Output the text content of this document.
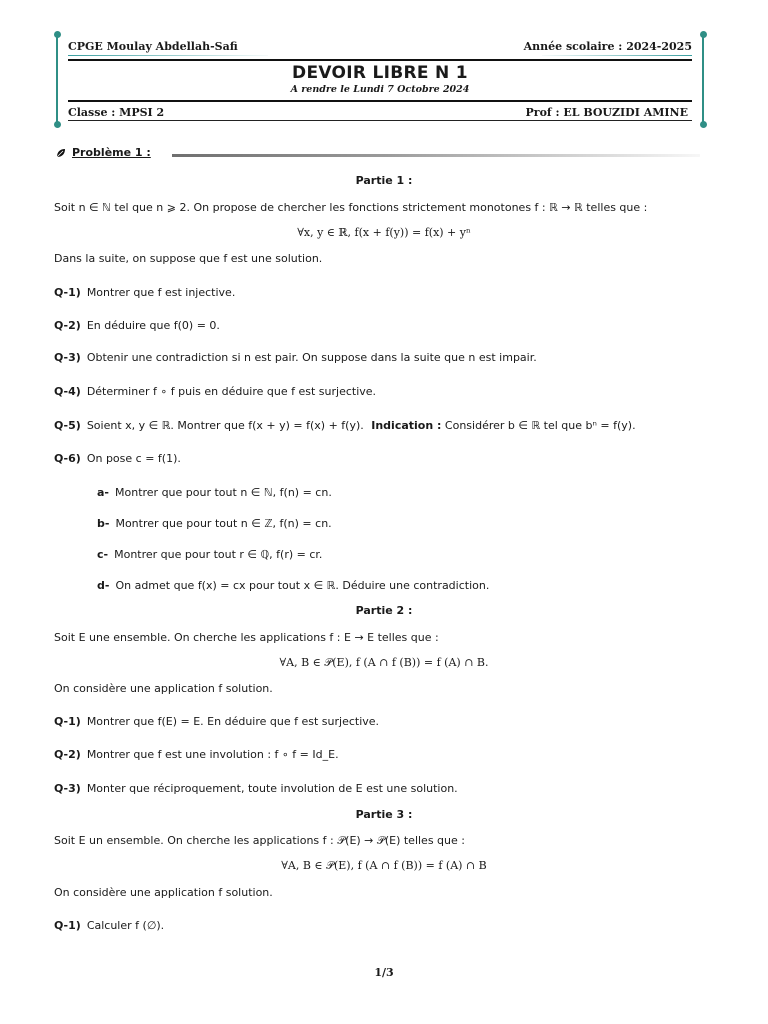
CPGE Moulay Abdellah-Safi	Année scolaire : 2024-2025
DEVOIR LIBRE N 1
A rendre le Lundi 7 Octobre 2024
Classe : MPSI 2	Prof : EL BOUZIDI AMINE
Problème 1 :
Partie 1 :
Soit n ∈ ℕ tel que n ⩾ 2. On propose de chercher les fonctions strictement monotones f : ℝ → ℝ telles que :
∀x, y ∈ ℝ, f(x + f(y)) = f(x) + yⁿ
Dans la suite, on suppose que f est une solution.
Q-1) Montrer que f est injective.
Q-2) En déduire que f(0) = 0.
Q-3) Obtenir une contradiction si n est pair. On suppose dans la suite que n est impair.
Q-4) Déterminer f ∘ f puis en déduire que f est surjective.
Q-5) Soient x, y ∈ ℝ. Montrer que f(x + y) = f(x) + f(y). Indication : Considérer b ∈ ℝ tel que bⁿ = f(y).
Q-6) On pose c = f(1).
a- Montrer que pour tout n ∈ ℕ, f(n) = cn.
b- Montrer que pour tout n ∈ ℤ, f(n) = cn.
c- Montrer que pour tout r ∈ ℚ, f(r) = cr.
d- On admet que f(x) = cx pour tout x ∈ ℝ. Déduire une contradiction.
Partie 2 :
Soit E une ensemble. On cherche les applications f : E → E telles que :
∀A, B ∈ 𝒫(E), f (A ∩ f (B)) = f (A) ∩ B.
On considère une application f solution.
Q-1) Montrer que f(E) = E. En déduire que f est surjective.
Q-2) Montrer que f est une involution : f ∘ f = Id_E.
Q-3) Monter que réciproquement, toute involution de E est une solution.
Partie 3 :
Soit E un ensemble. On cherche les applications f : 𝒫(E) → 𝒫(E) telles que :
∀A, B ∈ 𝒫(E), f (A ∩ f (B)) = f (A) ∩ B
On considère une application f solution.
Q-1) Calculer f (∅).
1/3
